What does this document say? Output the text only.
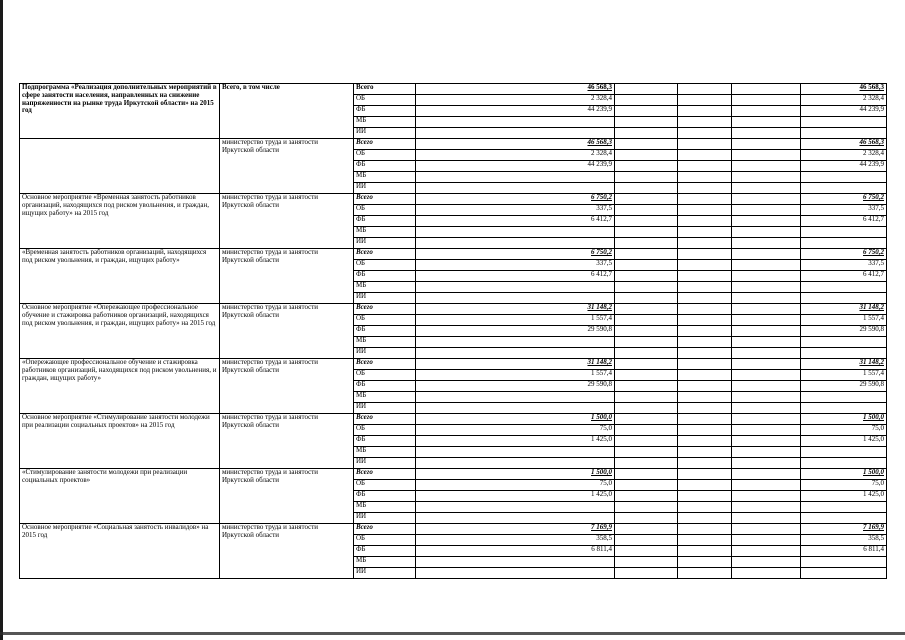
Подпрограмма «Реализация дополнительных мероприятий в сфере занятости населения, направленных на снижение напряженности на рынке труда Иркутской области» на 2015 год	Всего, в том числе	Всего	46 568,3				46 568,3
		ОБ	2 328,4				2 328,4
		ФБ	44 239,9				44 239,9
		МБ					
		ИИ					
	министерство труда и занятости Иркутской области	Всего	46 568,3				46 568,3
		ОБ	2 328,4				2 328,4
		ФБ	44 239,9				44 239,9
		МБ					
		ИИ					
Основное мероприятие «Временная занятость работников организаций, находящихся под риском увольнения, и граждан, ищущих работу» на 2015 год	министерство труда и занятости Иркутской области	Всего	6 750,2				6 750,2
		ОБ	337,5				337,5
		ФБ	6 412,7				6 412,7
		МБ					
		ИИ					
«Временная занятость работников организаций, находящихся под риском увольнения, и граждан, ищущих работу»	министерство труда и занятости Иркутской области	Всего	6 750,2				6 750,2
		ОБ	337,5				337,5
		ФБ	6 412,7				6 412,7
		МБ					
		ИИ					
Основное мероприятие «Опережающее профессиональное обучение и стажировка работников организаций, находящихся под риском увольнения, и граждан, ищущих работу» на 2015 год	министерство труда и занятости Иркутской области	Всего	31 148,2				31 148,2
		ОБ	1 557,4				1 557,4
		ФБ	29 590,8				29 590,8
		МБ					
		ИИ					
«Опережающее профессиональное обучение и стажировка работников организаций, находящихся под риском увольнения, и граждан, ищущих работу»	министерство труда и занятости Иркутской области	Всего	31 148,2				31 148,2
		ОБ	1 557,4				1 557,4
		ФБ	29 590,8				29 590,8
		МБ					
		ИИ					
Основное мероприятие «Стимулирование занятости молодежи при реализации социальных проектов» на 2015 год	министерство труда и занятости Иркутской области	Всего	1 500,0				1 500,0
		ОБ	75,0				75,0
		ФБ	1 425,0				1 425,0
		МБ					
		ИИ					
«Стимулирование занятости молодежи при реализации социальных проектов»	министерство труда и занятости Иркутской области	Всего	1 500,0				1 500,0
		ОБ	75,0				75,0
		ФБ	1 425,0				1 425,0
		МБ					
		ИИ					
Основное мероприятие «Социальная занятость инвалидов» на 2015 год	министерство труда и занятости Иркутской области	Всего	7 169,9				7 169,9
		ОБ	358,5				358,5
		ФБ	6 811,4				6 811,4
		МБ					
		ИИ					
